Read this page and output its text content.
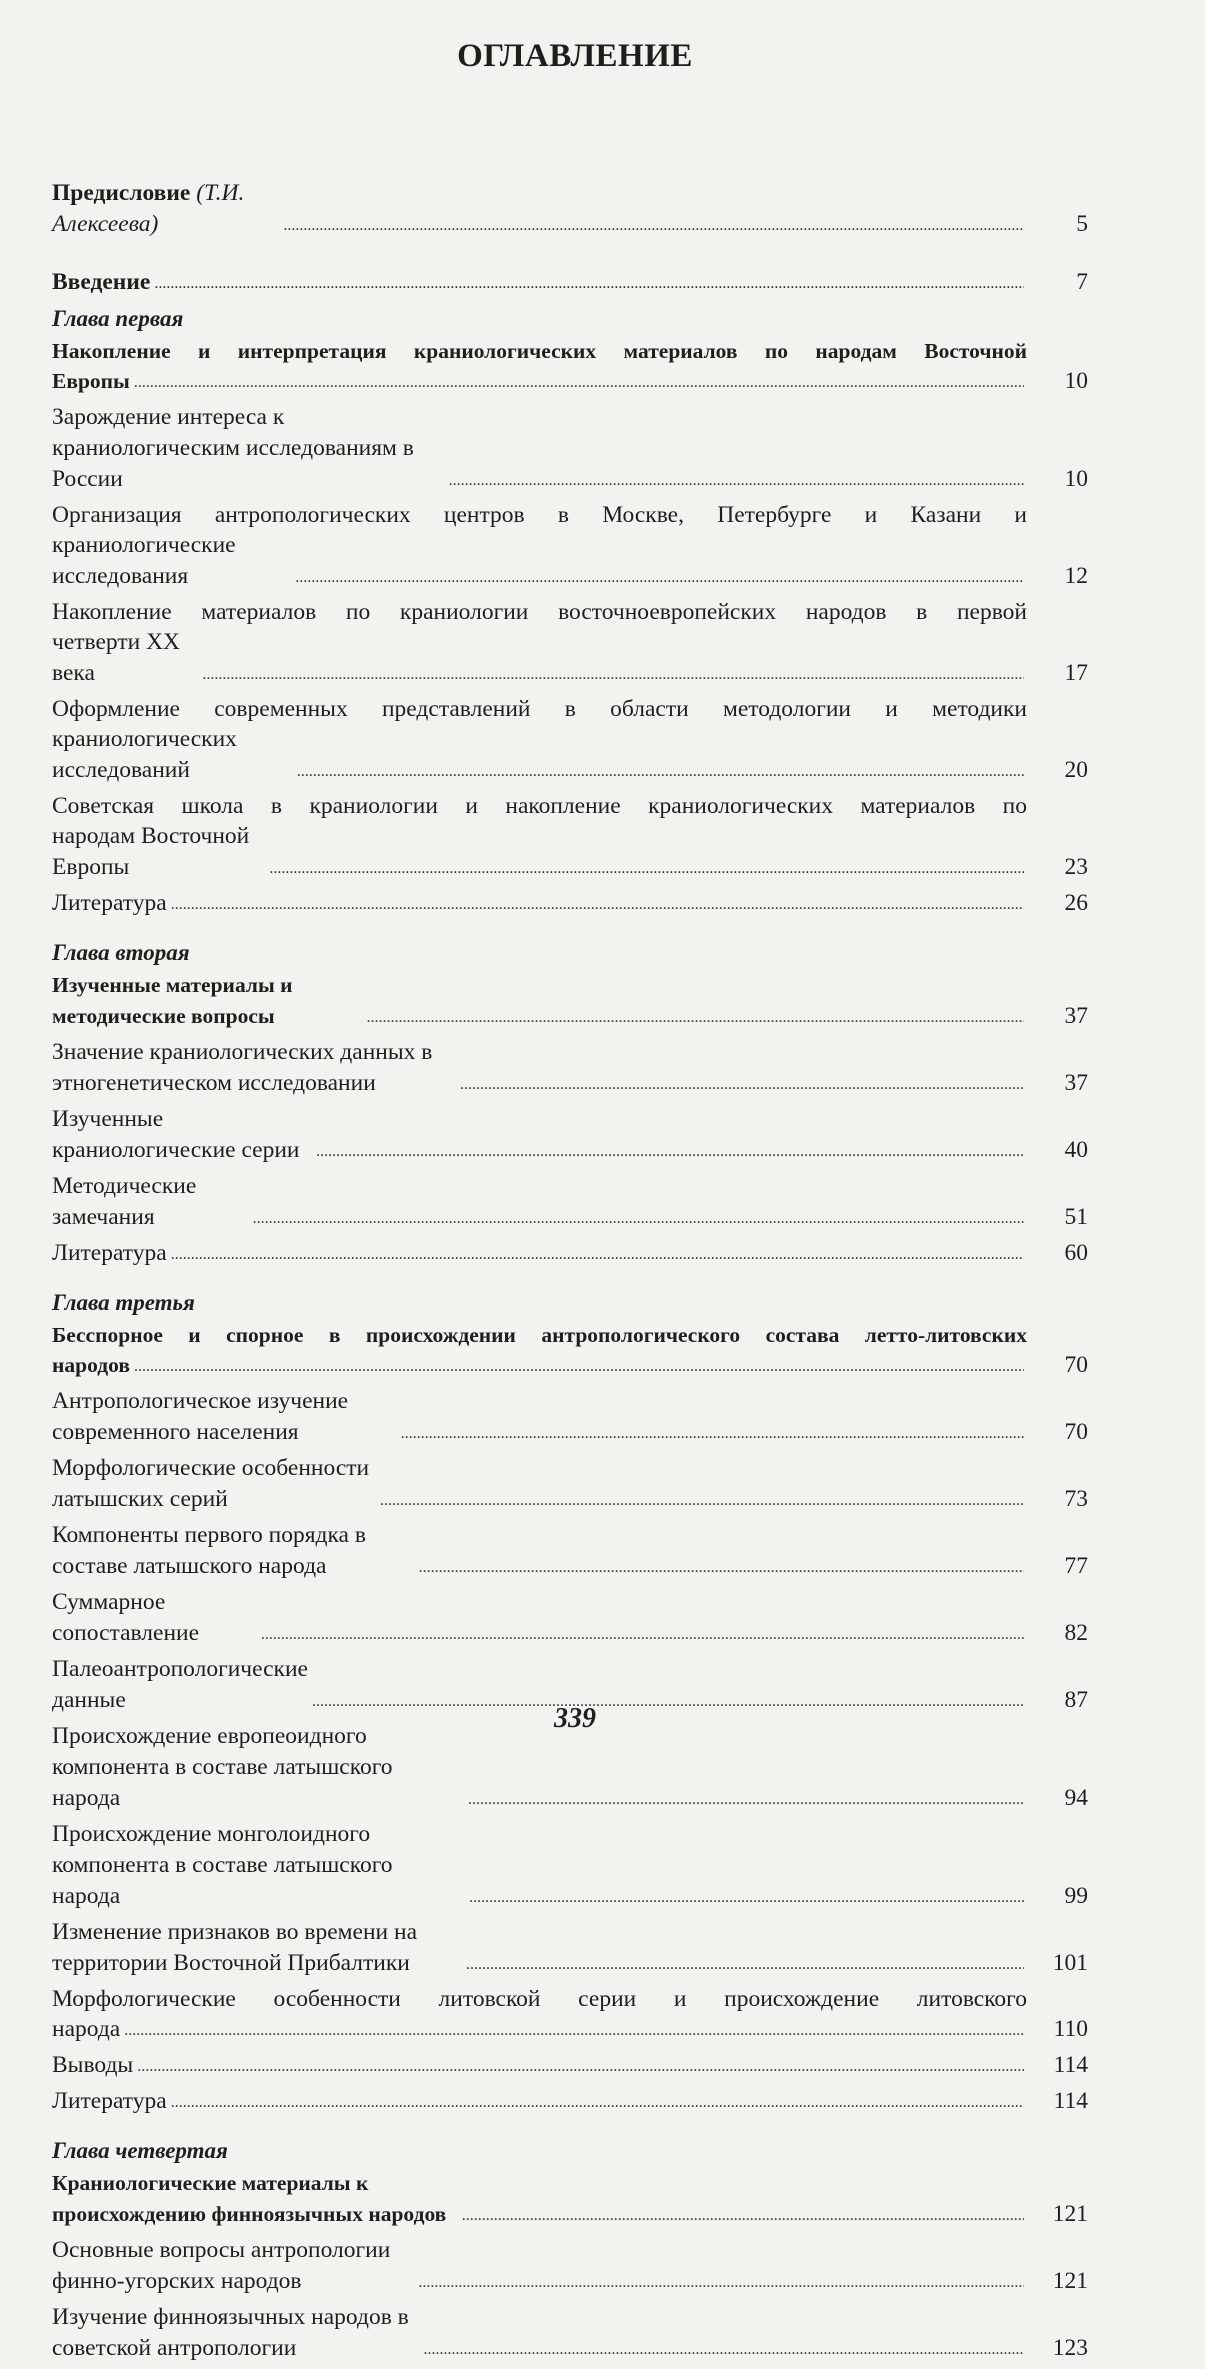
ОГЛАВЛЕНИЕ
Предисловие (Т.И. Алексеева) .....	5
Введение .....	7
Глава первая
Накопление и интерпретация краниологических материалов по народам Восточной
Европы .....	10
Зарождение интереса к краниологическим исследованиям в России .....	10
Организация антропологических центров в Москве, Петербурге и Казани и
краниологические исследования .....	12
Накопление материалов по краниологии восточноевропейских народов в первой
четверти XX века .....	17
Оформление современных представлений в области методологии и методики
краниологических исследований .....	20
Советская школа в краниологии и накопление краниологических материалов по
народам Восточной Европы .....	23
Литература .....	26
Глава вторая
Изученные материалы и методические вопросы .....	37
Значение краниологических данных в этногенетическом исследовании .....	37
Изученные краниологические серии .....	40
Методические замечания .....	51
Литература .....	60
Глава третья
Бесспорное и спорное в происхождении антропологического состава летто-литовских
народов .....	70
Антропологическое изучение современного населения .....	70
Морфологические особенности латышских серий .....	73
Компоненты первого порядка в составе латышского народа .....	77
Суммарное сопоставление .....	82
Палеоантропологические данные .....	87
Происхождение европеоидного компонента в составе латышского народа .....	94
Происхождение монголоидного компонента в составе латышского народа .....	99
Изменение признаков во времени на территории Восточной Прибалтики .....	101
Морфологические особенности литовской серии и происхождение литовского
народа .....	110
Выводы .....	114
Литература .....	114
Глава четвертая
Краниологические материалы к происхождению финноязычных народов .....	121
Основные вопросы антропологии финно-угорских народов .....	121
Изучение финноязычных народов в советской антропологии .....	123
339
